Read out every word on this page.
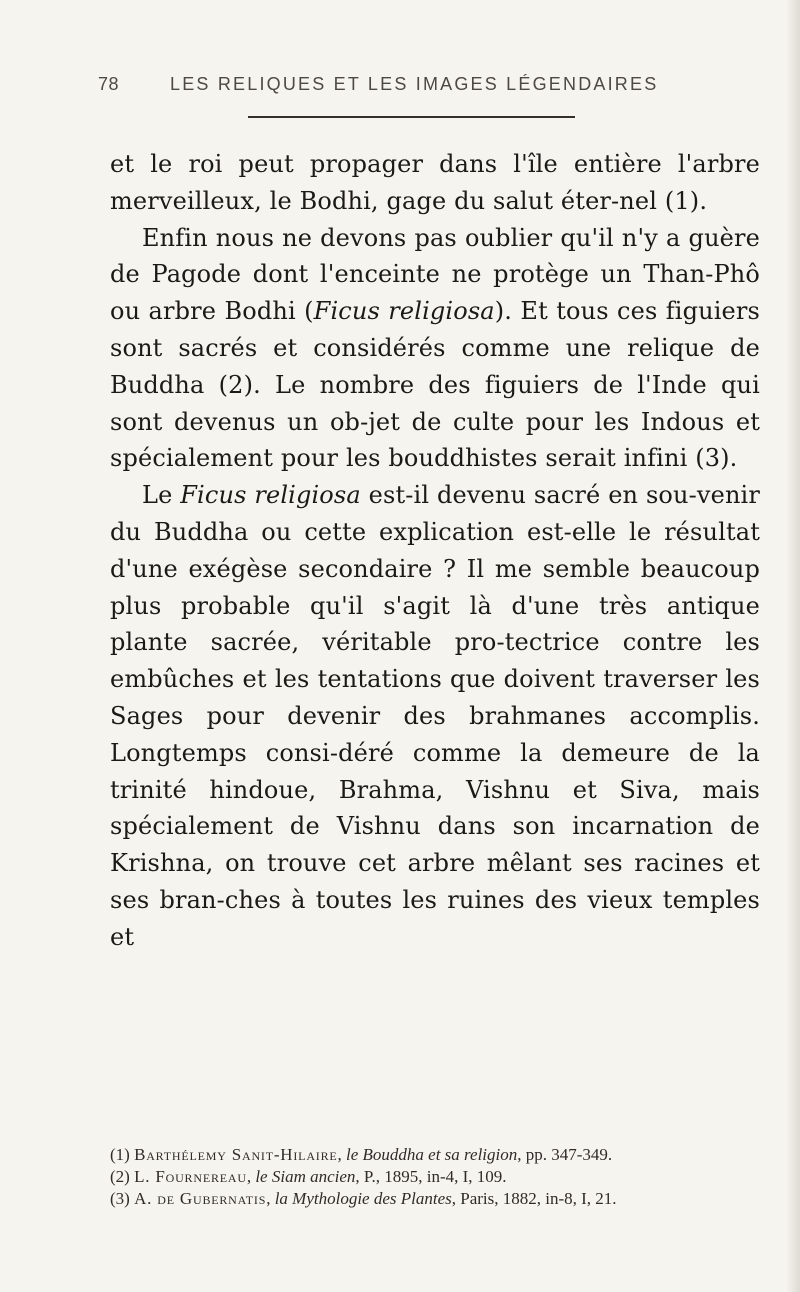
78	LES RELIQUES ET LES IMAGES LÉGENDAIRES

et le roi peut propager dans l'île entière l'arbre merveilleux, le Bodhi, gage du salut éter-nel (1).

Enfin nous ne devons pas oublier qu'il n'y a guère de Pagode dont l'enceinte ne protège un Than-Phô ou arbre Bodhi (Ficus religiosa). Et tous ces figuiers sont sacrés et considérés comme une relique de Buddha (2). Le nombre des figuiers de l'Inde qui sont devenus un ob-jet de culte pour les Indous et spécialement pour les bouddhistes serait infini (3).

Le Ficus religiosa est-il devenu sacré en sou-venir du Buddha ou cette explication est-elle le résultat d'une exégèse secondaire ? Il me semble beaucoup plus probable qu'il s'agit là d'une très antique plante sacrée, véritable pro-tectrice contre les embûches et les tentations que doivent traverser les Sages pour devenir des brahmanes accomplis. Longtemps consi-déré comme la demeure de la trinité hindoue, Brahma, Vishnu et Siva, mais spécialement de Vishnu dans son incarnation de Krishna, on trouve cet arbre mêlant ses racines et ses bran-ches à toutes les ruines des vieux temples et

(1) Barthélemy Sanit-Hilaire, le Bouddha et sa religion, pp. 347-349.

(2) L. Fournereau, le Siam ancien, P., 1895, in-4, I, 109.

(3) A. de Gubernatis, la Mythologie des Plantes, Paris, 1882, in-8, I, 21.
